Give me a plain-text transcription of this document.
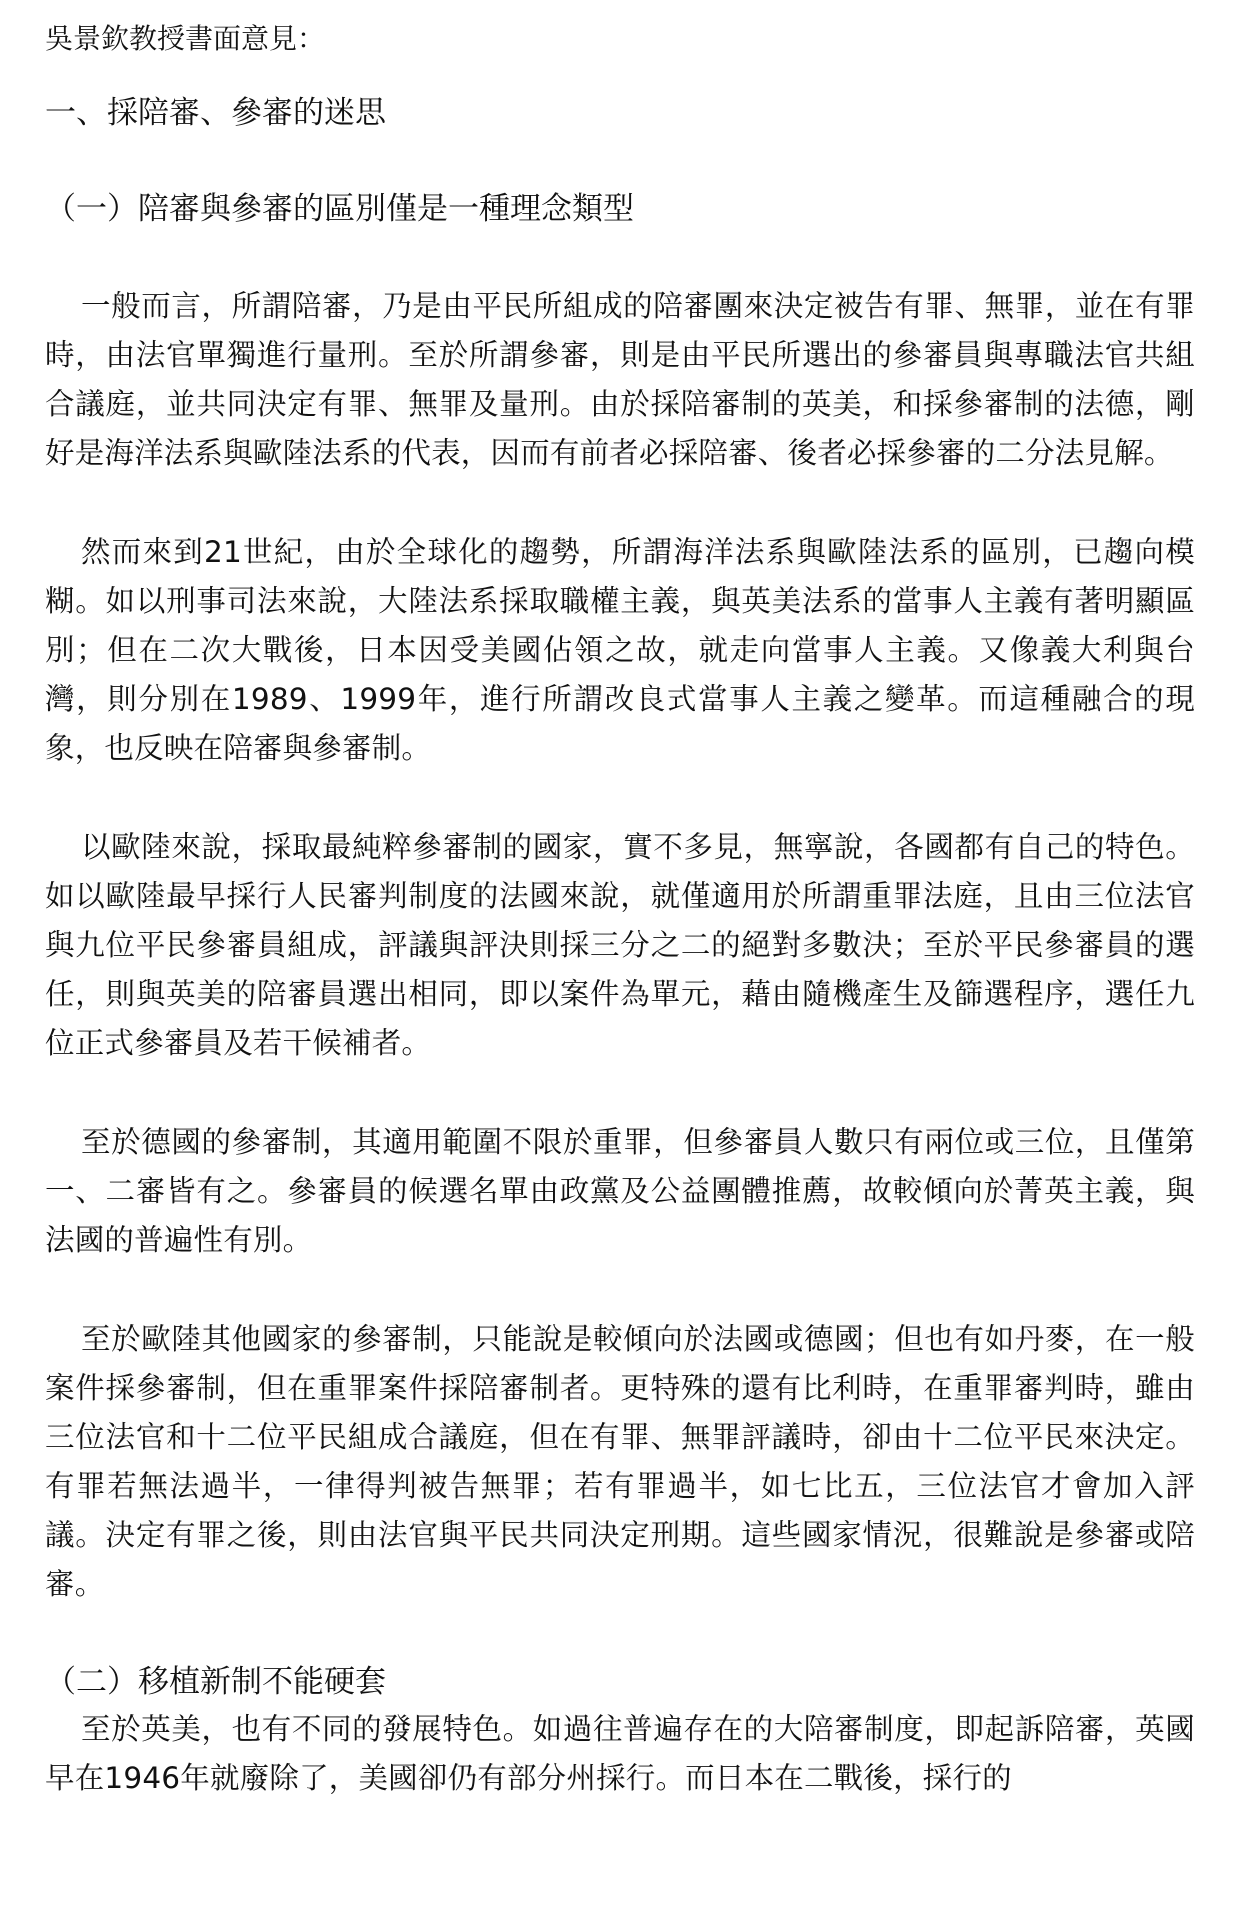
吳景欽教授書面意見：
一、採陪審、參審的迷思
（一）陪審與參審的區別僅是一種理念類型

一般而言，所謂陪審，乃是由平民所組成的陪審團來決定被告有罪、無罪，並在有罪時，由法官單獨進行量刑。至於所謂參審，則是由平民所選出的參審員與專職法官共組合議庭，並共同決定有罪、無罪及量刑。由於採陪審制的英美，和採參審制的法德，剛好是海洋法系與歐陸法系的代表，因而有前者必採陪審、後者必採參審的二分法見解。

然而來到21世紀，由於全球化的趨勢，所謂海洋法系與歐陸法系的區別，已趨向模糊。如以刑事司法來說，大陸法系採取職權主義，與英美法系的當事人主義有著明顯區別；但在二次大戰後，日本因受美國佔領之故，就走向當事人主義。又像義大利與台灣，則分別在1989、1999年，進行所謂改良式當事人主義之變革。而這種融合的現象，也反映在陪審與參審制。

以歐陸來說，採取最純粹參審制的國家，實不多見，無寧說，各國都有自己的特色。如以歐陸最早採行人民審判制度的法國來說，就僅適用於所謂重罪法庭，且由三位法官與九位平民參審員組成，評議與評決則採三分之二的絕對多數決；至於平民參審員的選任，則與英美的陪審員選出相同，即以案件為單元，藉由隨機產生及篩選程序，選任九位正式參審員及若干候補者。

至於德國的參審制，其適用範圍不限於重罪，但參審員人數只有兩位或三位，且僅第一、二審皆有之。參審員的候選名單由政黨及公益團體推薦，故較傾向於菁英主義，與法國的普遍性有別。

至於歐陸其他國家的參審制，只能說是較傾向於法國或德國；但也有如丹麥，在一般案件採參審制，但在重罪案件採陪審制者。更特殊的還有比利時，在重罪審判時，雖由三位法官和十二位平民組成合議庭，但在有罪、無罪評議時，卻由十二位平民來決定。有罪若無法過半，一律得判被告無罪；若有罪過半，如七比五，三位法官才會加入評議。決定有罪之後，則由法官與平民共同決定刑期。這些國家情況，很難說是參審或陪審。

（二）移植新制不能硬套

至於英美，也有不同的發展特色。如過往普遍存在的大陪審制度，即起訴陪審，英國早在1946年就廢除了，美國卻仍有部分州採行。而日本在二戰後，採行的
